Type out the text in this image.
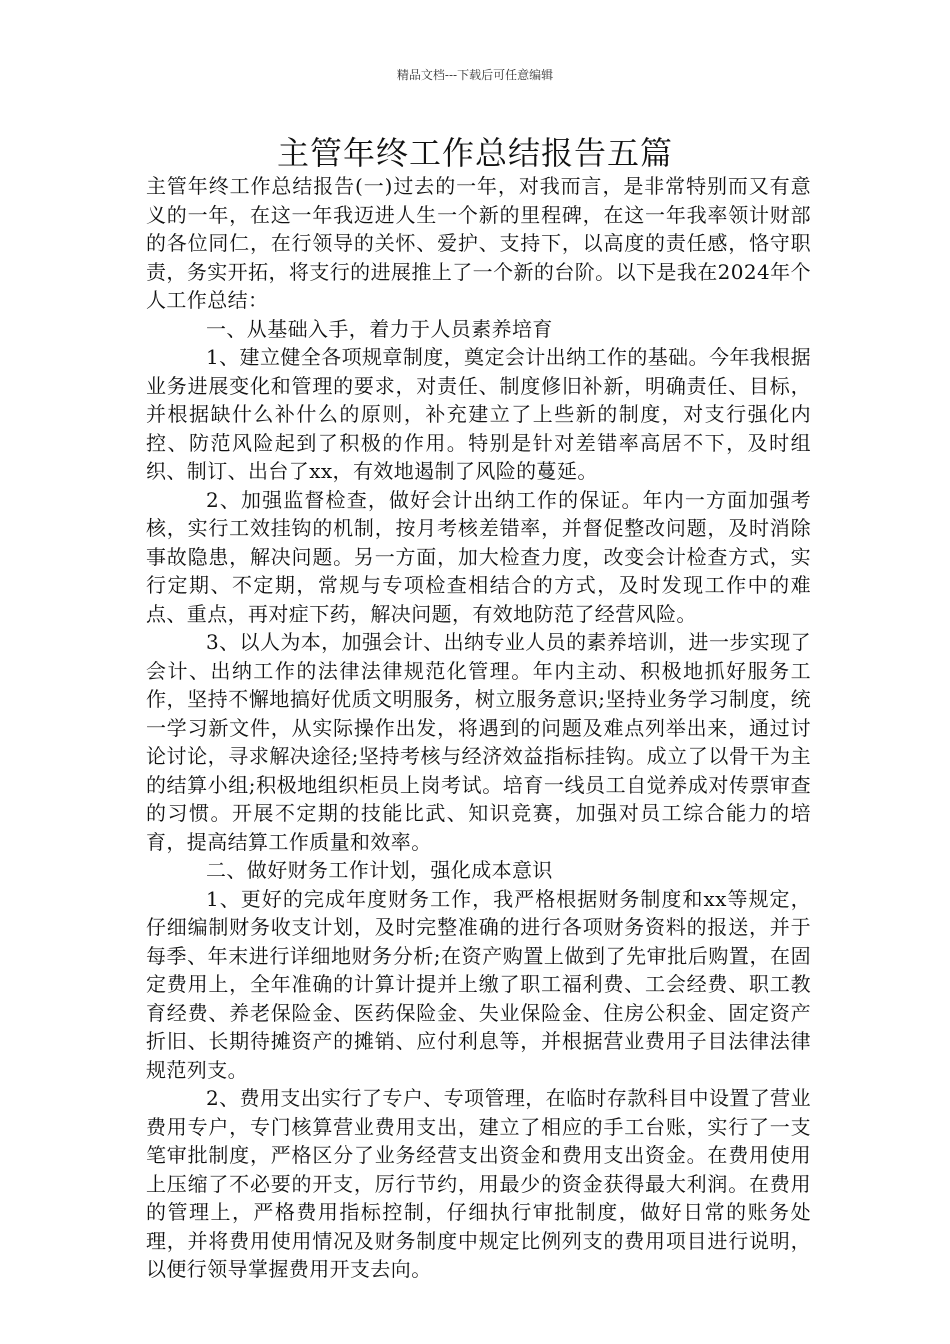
精品文档---下载后可任意编辑
主管年终工作总结报告五篇

主管年终工作总结报告(一)过去的一年，对我而言，是非常特别而又有意义的一年，在这一年我迈进人生一个新的里程碑，在这一年我率领计财部的各位同仁，在行领导的关怀、爱护、支持下，以高度的责任感，恪守职责，务实开拓，将支行的进展推上了一个新的台阶。以下是我在2024年个人工作总结：

一、从基础入手，着力于人员素养培育

1、建立健全各项规章制度，奠定会计出纳工作的基础。今年我根据业务进展变化和管理的要求，对责任、制度修旧补新，明确责任、目标，并根据缺什么补什么的原则，补充建立了上些新的制度，对支行强化内控、防范风险起到了积极的作用。特别是针对差错率高居不下，及时组织、制订、出台了xx，有效地遏制了风险的蔓延。

2、加强监督检查，做好会计出纳工作的保证。年内一方面加强考核，实行工效挂钩的机制，按月考核差错率，并督促整改问题，及时消除事故隐患，解决问题。另一方面，加大检查力度，改变会计检查方式，实行定期、不定期，常规与专项检查相结合的方式，及时发现工作中的难点、重点，再对症下药，解决问题，有效地防范了经营风险。

3、以人为本，加强会计、出纳专业人员的素养培训，进一步实现了会计、出纳工作的法律法律规范化管理。年内主动、积极地抓好服务工作，坚持不懈地搞好优质文明服务，树立服务意识;坚持业务学习制度，统一学习新文件，从实际操作出发，将遇到的问题及难点列举出来，通过讨论讨论，寻求解决途径;坚持考核与经济效益指标挂钩。成立了以骨干为主的结算小组;积极地组织柜员上岗考试。培育一线员工自觉养成对传票审查的习惯。开展不定期的技能比武、知识竞赛，加强对员工综合能力的培育，提高结算工作质量和效率。

二、做好财务工作计划，强化成本意识

1、更好的完成年度财务工作，我严格根据财务制度和xx等规定，仔细编制财务收支计划，及时完整准确的进行各项财务资料的报送，并于每季、年末进行详细地财务分析;在资产购置上做到了先审批后购置，在固定费用上，全年准确的计算计提并上缴了职工福利费、工会经费、职工教育经费、养老保险金、医药保险金、失业保险金、住房公积金、固定资产折旧、长期待摊资产的摊销、应付利息等，并根据营业费用子目法律法律规范列支。

2、费用支出实行了专户、专项管理，在临时存款科目中设置了营业费用专户，专门核算营业费用支出，建立了相应的手工台账，实行了一支笔审批制度，严格区分了业务经营支出资金和费用支出资金。在费用使用上压缩了不必要的开支，厉行节约，用最少的资金获得最大利润。在费用的管理上，严格费用指标控制，仔细执行审批制度，做好日常的账务处理，并将费用使用情况及财务制度中规定比例列支的费用项目进行说明，以便行领导掌握费用开支去向。
